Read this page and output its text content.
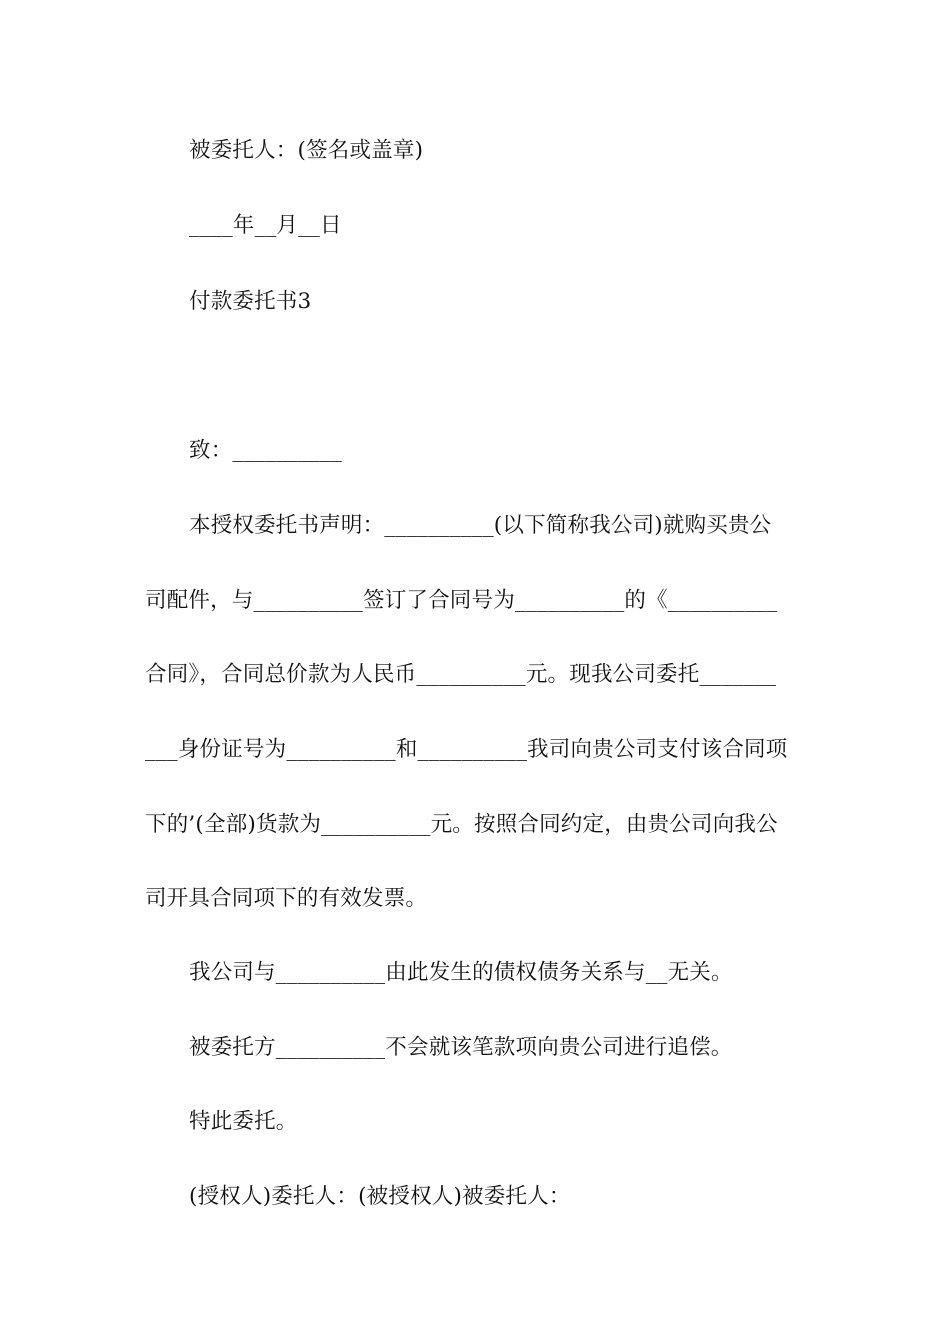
被委托人：(签名或盖章)
____年__月__日
付款委托书3
致：__________
本授权委托书声明：__________(以下简称我公司)就购买贵公
司配件，与__________签订了合同号为__________的《__________
合同》，合同总价款为人民币__________元。现我公司委托_______
___身份证号为__________和__________我司向贵公司支付该合同项
下的’(全部)货款为__________元。按照合同约定，由贵公司向我公
司开具合同项下的有效发票。
我公司与__________由此发生的债权债务关系与__无关。
被委托方__________不会就该笔款项向贵公司进行追偿。
特此委托。
(授权人)委托人：(被授权人)被委托人：
